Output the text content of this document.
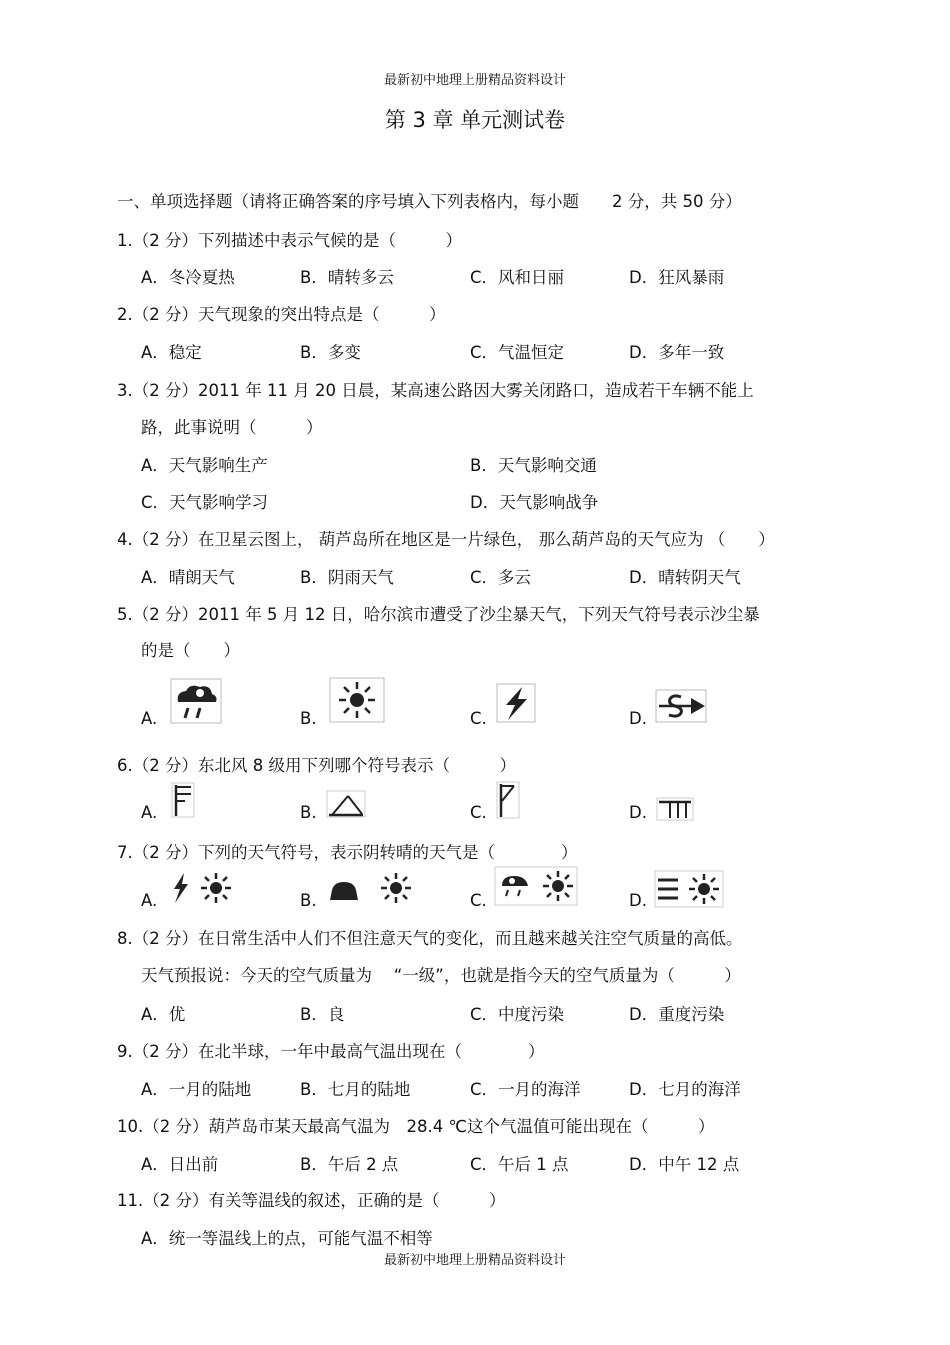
最新初中地理上册精品资料设计
第 3 章 单元测试卷
一、单项选择题（请将正确答案的序号填入下列表格内，每小题　　2 分，共 50 分）
1.（2 分）下列描述中表示气候的是（　　　）
A．冬冷夏热	B．晴转多云	C．风和日丽	D．狂风暴雨
2.（2 分）天气现象的突出特点是（　　　）
A．稳定	B．多变	C．气温恒定	D．多年一致
3.（2 分）2011 年 11 月 20 日晨，某高速公路因大雾关闭路口，造成若干车辆不能上
路，此事说明（　　　）
A．天气影响生产	B．天气影响交通
C．天气影响学习	D．天气影响战争
4.（2 分）在卫星云图上， 葫芦岛所在地区是一片绿色， 那么葫芦岛的天气应为 （　　）
A．晴朗天气	B．阴雨天气	C．多云	D．晴转阴天气
5.（2 分）2011 年 5 月 12 日，哈尔滨市遭受了沙尘暴天气，下列天气符号表示沙尘暴
的是（　　）
A.	B.	C.	D.
6.（2 分）东北风 8 级用下列哪个符号表示（　　　）
A.	B.	C.	D.
7.（2 分）下列的天气符号，表示阴转晴的天气是（　　　　）
A.	B.	C.	D.
8.（2 分）在日常生活中人们不但注意天气的变化，而且越来越关注空气质量的高低。
天气预报说：今天的空气质量为　 “一级”，也就是指今天的空气质量为（　　　）
A．优	B．良	C．中度污染	D．重度污染
9.（2 分）在北半球，一年中最高气温出现在（　　　　）
A．一月的陆地	B．七月的陆地	C．一月的海洋	D．七月的海洋
10.（2 分）葫芦岛市某天最高气温为　28.4 ℃这个气温值可能出现在（　　　）
A．日出前	B．午后 2 点	C．午后 1 点	D．中午 12 点
11.（2 分）有关等温线的叙述，正确的是（　　　）
A．统一等温线上的点，可能气温不相等
最新初中地理上册精品资料设计
